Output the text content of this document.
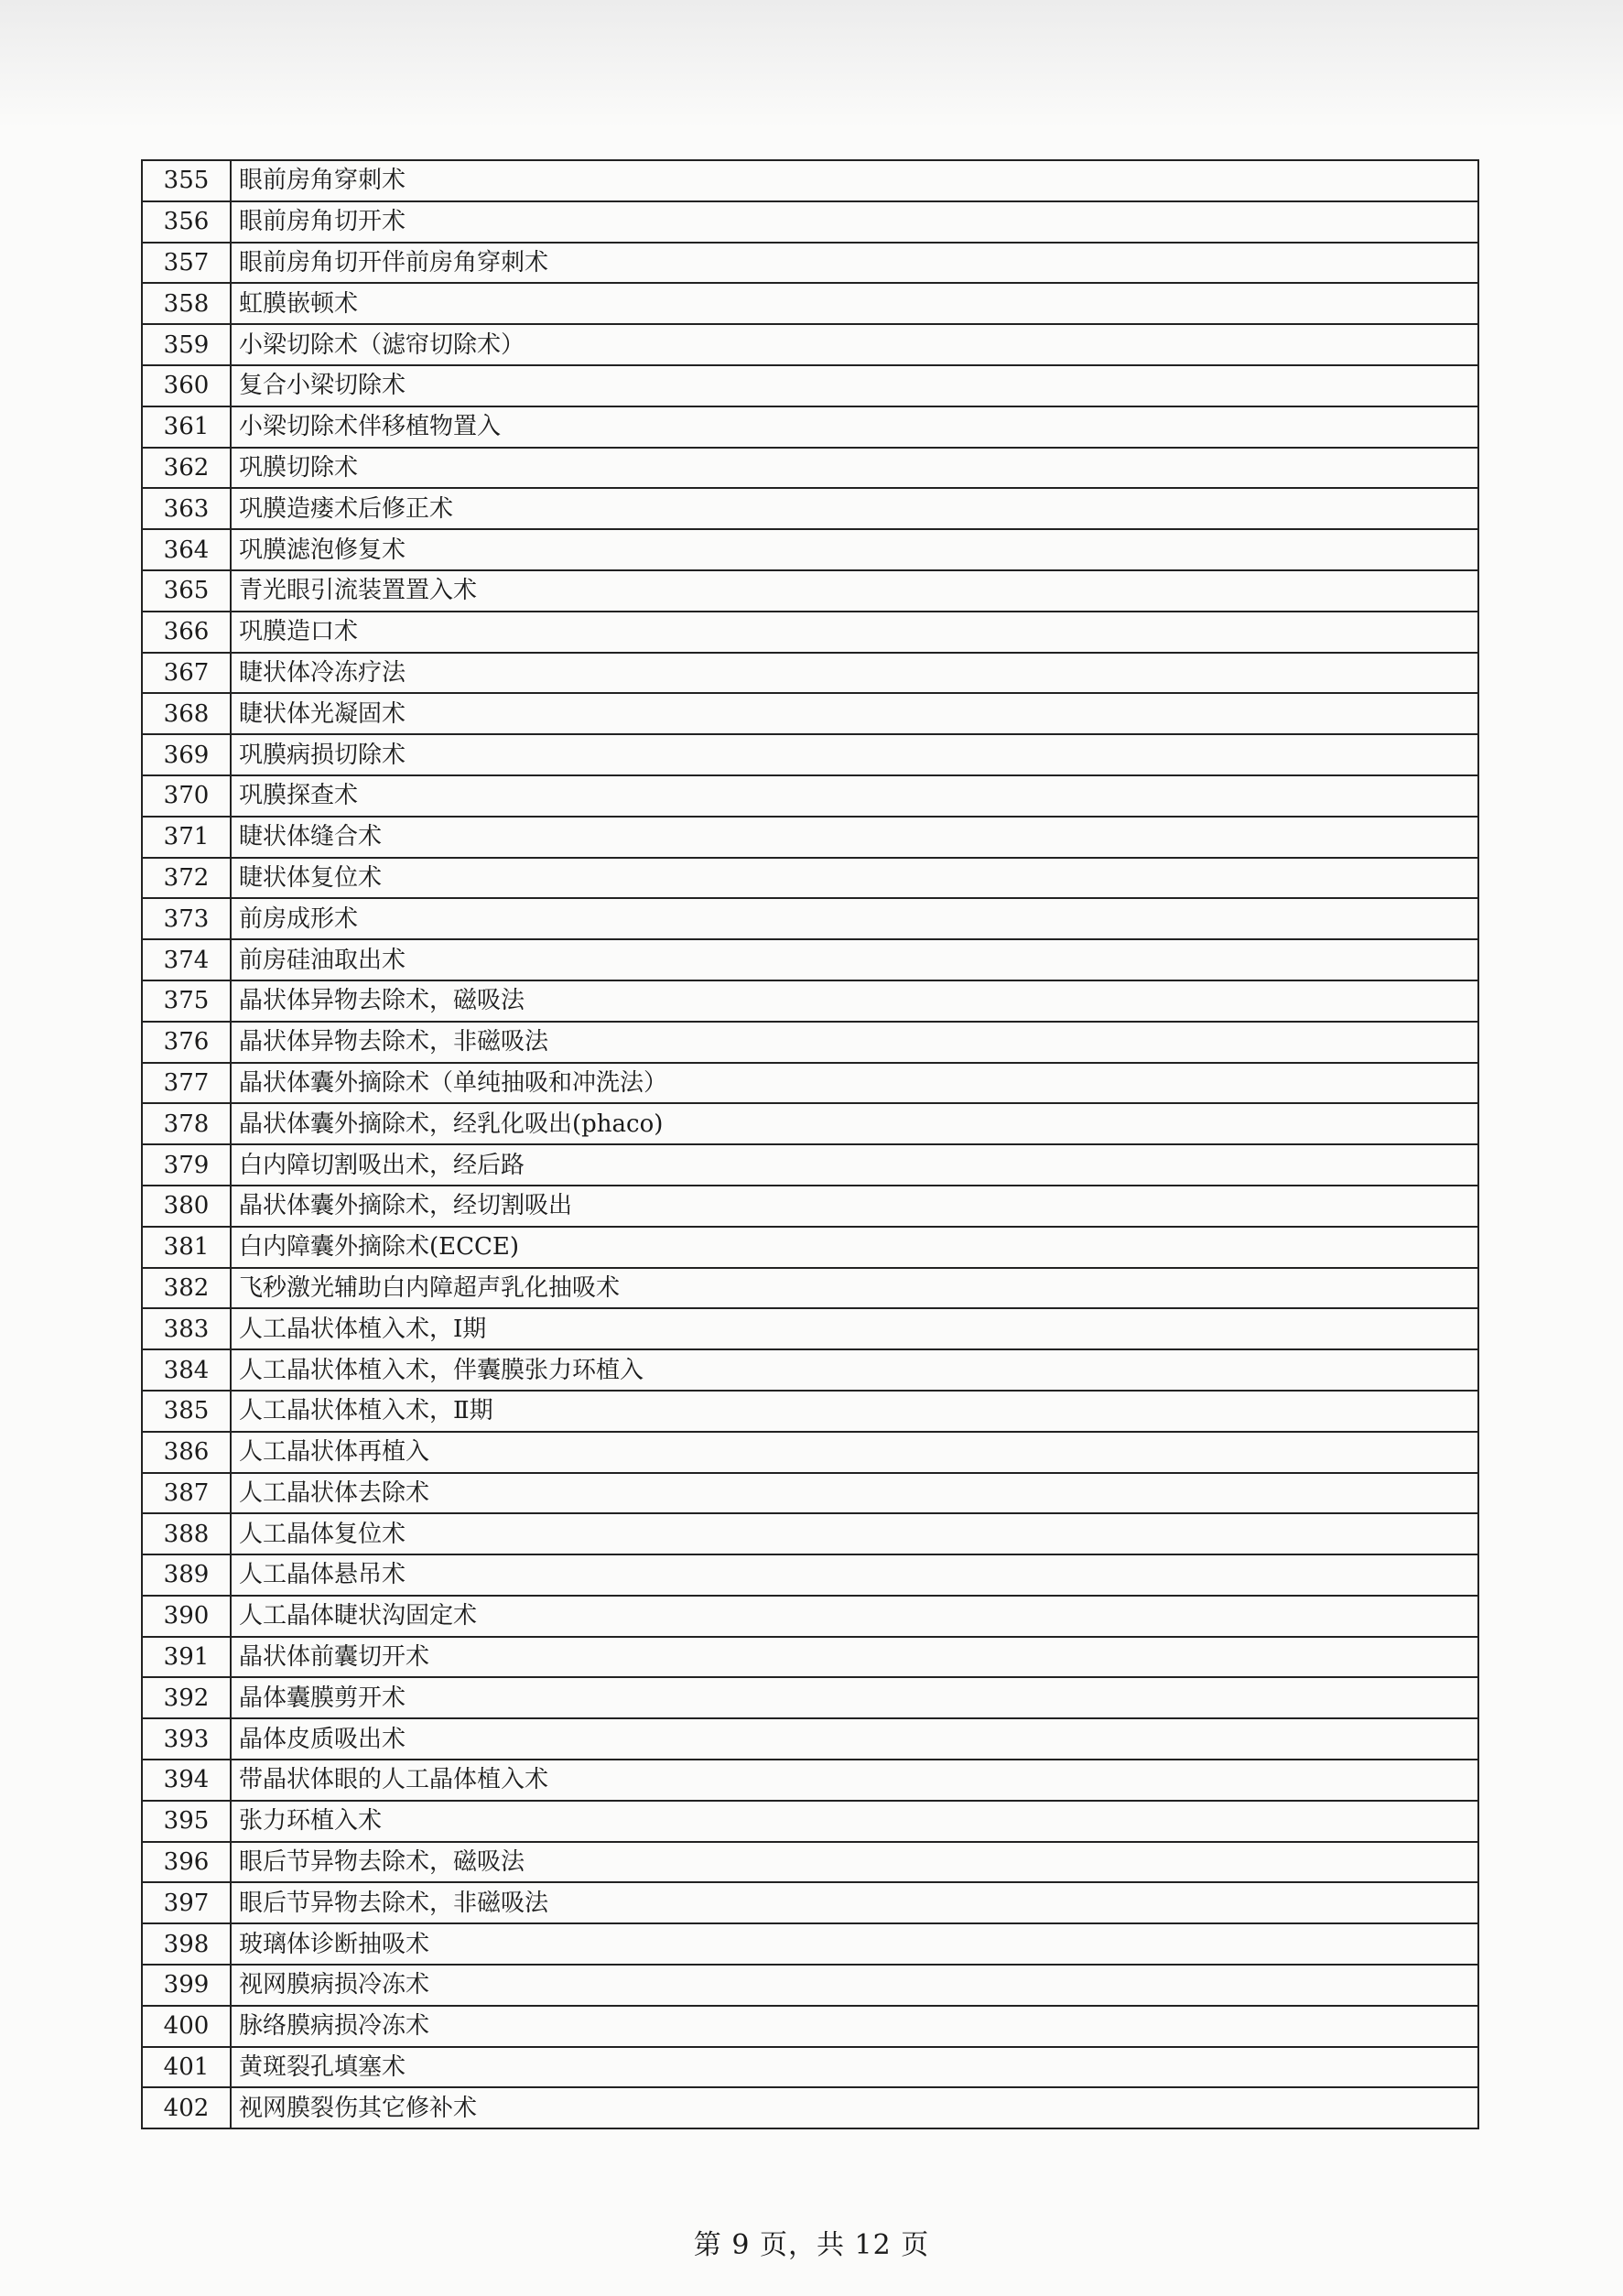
355	眼前房角穿刺术
356	眼前房角切开术
357	眼前房角切开伴前房角穿刺术
358	虹膜嵌顿术
359	小梁切除术（滤帘切除术）
360	复合小梁切除术
361	小梁切除术伴移植物置入
362	巩膜切除术
363	巩膜造瘘术后修正术
364	巩膜滤泡修复术
365	青光眼引流装置置入术
366	巩膜造口术
367	睫状体冷冻疗法
368	睫状体光凝固术
369	巩膜病损切除术
370	巩膜探查术
371	睫状体缝合术
372	睫状体复位术
373	前房成形术
374	前房硅油取出术
375	晶状体异物去除术，磁吸法
376	晶状体异物去除术，非磁吸法
377	晶状体囊外摘除术（单纯抽吸和冲洗法）
378	晶状体囊外摘除术，经乳化吸出(phaco)
379	白内障切割吸出术，经后路
380	晶状体囊外摘除术，经切割吸出
381	白内障囊外摘除术(ECCE)
382	飞秒激光辅助白内障超声乳化抽吸术
383	人工晶状体植入术，Ⅰ期
384	人工晶状体植入术，伴囊膜张力环植入
385	人工晶状体植入术，Ⅱ期
386	人工晶状体再植入
387	人工晶状体去除术
388	人工晶体复位术
389	人工晶体悬吊术
390	人工晶体睫状沟固定术
391	晶状体前囊切开术
392	晶体囊膜剪开术
393	晶体皮质吸出术
394	带晶状体眼的人工晶体植入术
395	张力环植入术
396	眼后节异物去除术，磁吸法
397	眼后节异物去除术，非磁吸法
398	玻璃体诊断抽吸术
399	视网膜病损冷冻术
400	脉络膜病损冷冻术
401	黄斑裂孔填塞术
402	视网膜裂伤其它修补术
第 9 页，共 12 页
